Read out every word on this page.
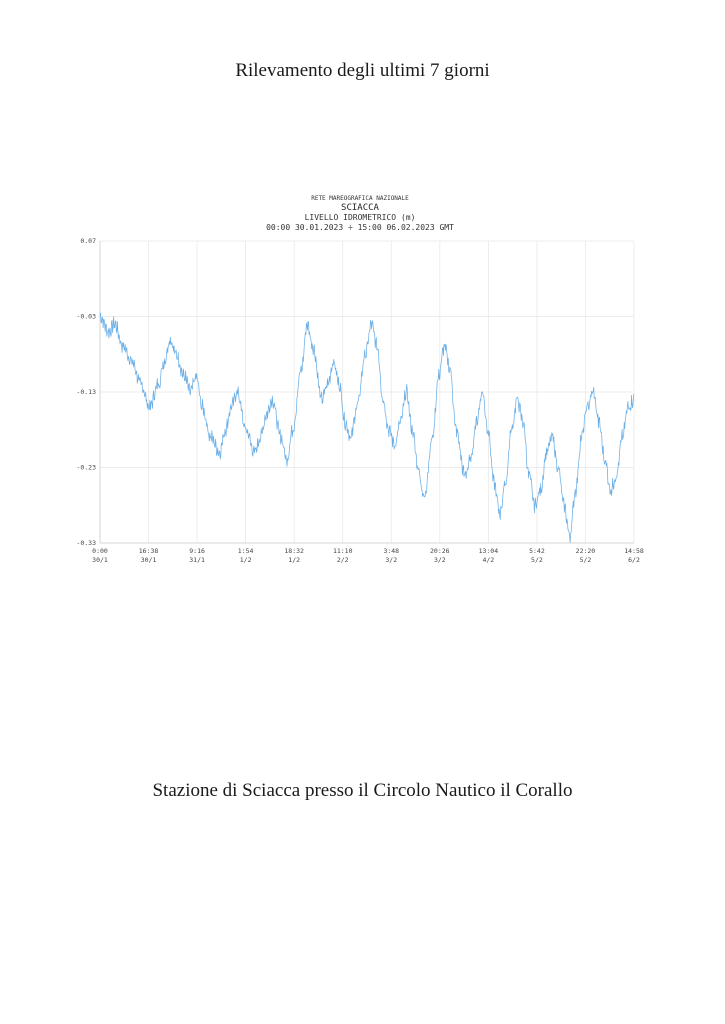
Rilevamento degli ultimi 7 giorni
RETE MAREOGRAFICA NAZIONALE
SCIACCA
LIVELLO IDROMETRICO (m)
00:00 30.01.2023 ÷ 15:00 06.02.2023 GMT
0.07
-0.03
-0.13
-0.23
-0.33
0:00
30/1
16:38
30/1
9:16
31/1
1:54
1/2
18:32
1/2
11:10
2/2
3:48
3/2
20:26
3/2
13:04
4/2
5:42
5/2
22:20
5/2
14:58
6/2
Stazione di Sciacca presso il Circolo Nautico il Corallo
